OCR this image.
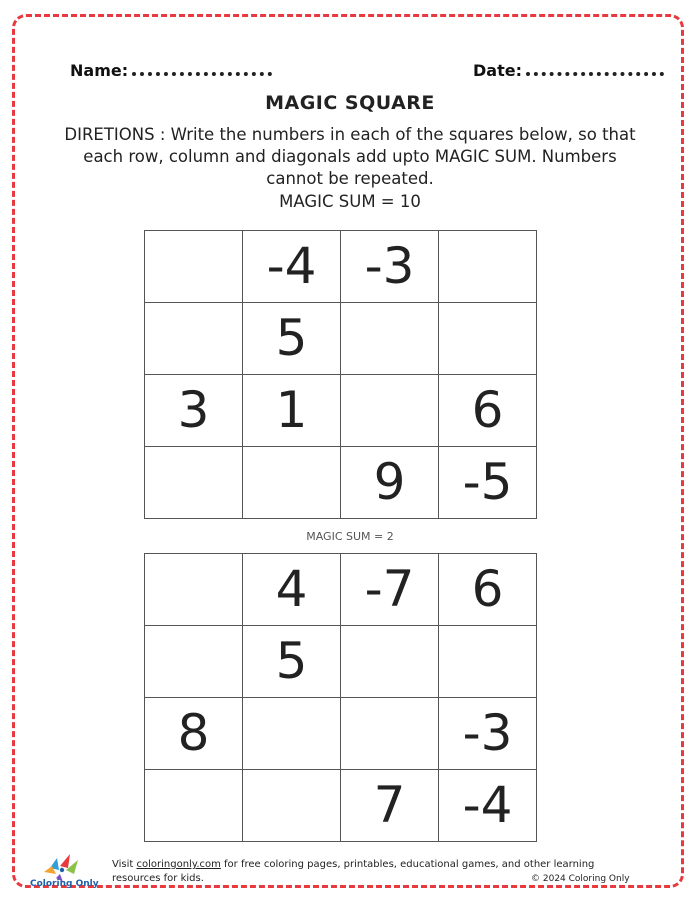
Name:	Date:
MAGIC SQUARE
DIRETIONS : Write the numbers in each of the squares below, so that each row, column and diagonals add upto MAGIC SUM. Numbers cannot be repeated.
MAGIC SUM = 10
	-4	-3	
	5		
3	1		6
		9	-5
MAGIC SUM = 2
	4	-7	6
	5		
8			-3
		7	-4
Coloring Only
Visit coloringonly.com for free coloring pages, printables, educational games, and other learning resources for kids.	© 2024 Coloring Only
